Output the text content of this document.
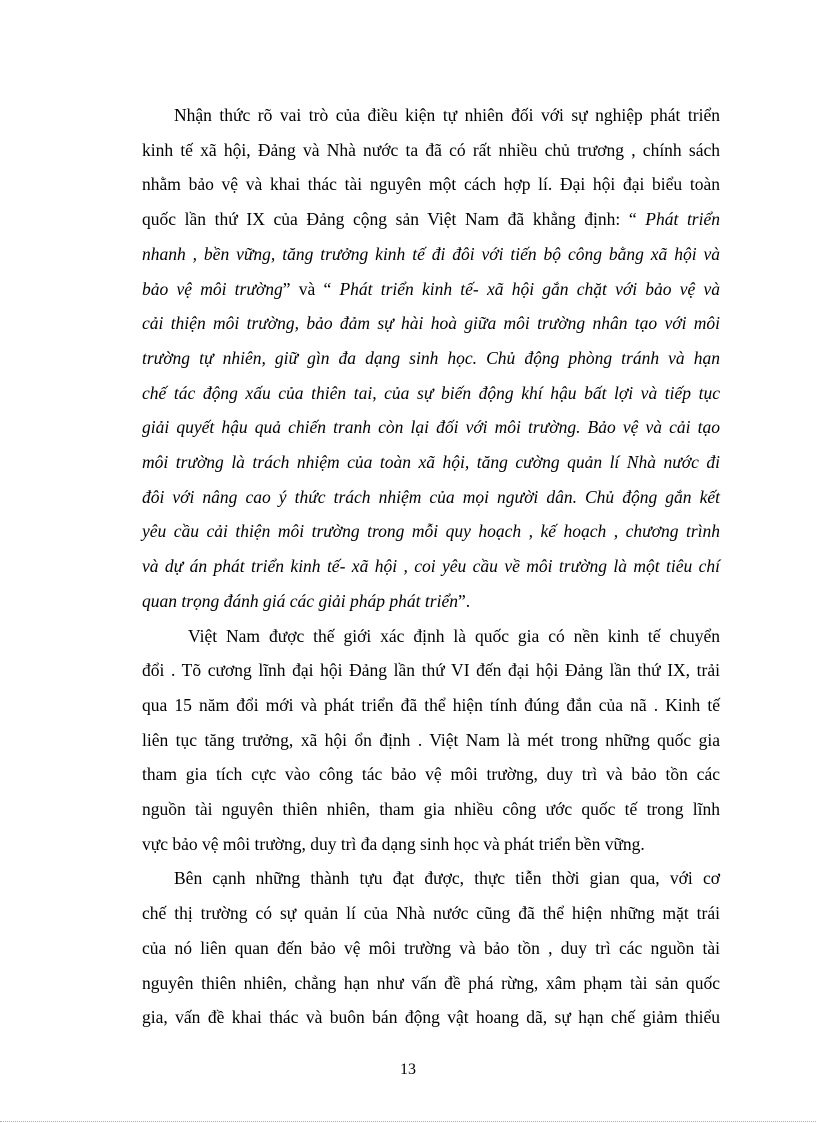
Nhận thức rõ vai trò của điều kiện tự nhiên đối với sự nghiệp phát triển
kinh tế xã hội, Đảng và Nhà nước ta đã có rất nhiều chủ trương , chính sách
nhằm bảo vệ và khai thác tài nguyên một cách hợp lí. Đại hội đại biểu toàn
quốc lần thứ IX của Đảng cộng sản Việt Nam đã khẳng định: “ Phát triển
nhanh , bền vững, tăng trưởng kinh tế đi đôi với tiến bộ công bằng xã hội và
bảo vệ môi trường” và “ Phát triển kinh tế- xã hội gắn chặt với bảo vệ và
cải thiện môi trường, bảo đảm sự hài hoà giữa môi trường nhân tạo với môi
trường tự nhiên, giữ gìn đa dạng sinh học. Chủ động phòng tránh và hạn
chế tác động xấu của thiên tai, của sự biến động khí hậu bất lợi và tiếp tục
giải quyết hậu quả chiến tranh còn lại đối với môi trường. Bảo vệ và cải tạo
môi trường là trách nhiệm của toàn xã hội, tăng cường quản lí Nhà nước đi
đôi với nâng cao ý thức trách nhiệm của mọi người dân. Chủ động gắn kết
yêu cầu cải thiện môi trường trong mỗi quy hoạch , kế hoạch , chương trình
và dự án phát triển kinh tế- xã hội , coi yêu cầu về môi trường là một tiêu chí
quan trọng đánh giá các giải pháp phát triển”.
Việt Nam được thế giới xác định là quốc gia có nền kinh tế chuyển
đổi . Tõ cương lĩnh đại hội Đảng lần thứ VI đến đại hội Đảng lần thứ IX, trải
qua 15 năm đổi mới và phát triển đã thể hiện tính đúng đắn của nã . Kinh tế
liên tục tăng trưởng, xã hội ổn định . Việt Nam là mét trong những quốc gia
tham gia tích cực vào công tác bảo vệ môi trường, duy trì và bảo tồn các
nguồn tài nguyên thiên nhiên, tham gia nhiều công ước quốc tế trong lĩnh
vực bảo vệ môi trường, duy trì đa dạng sinh học và phát triển bền vững.
Bên cạnh những thành tựu đạt được, thực tiễn thời gian qua, với cơ
chế thị trường có sự quản lí của Nhà nước cũng đã thể hiện những mặt trái
của nó liên quan đến bảo vệ môi trường và bảo tồn , duy trì các nguồn tài
nguyên thiên nhiên, chẳng hạn như vấn đề phá rừng, xâm phạm tài sản quốc
gia, vấn đề khai thác và buôn bán động vật hoang dã, sự hạn chế giảm thiểu
13
